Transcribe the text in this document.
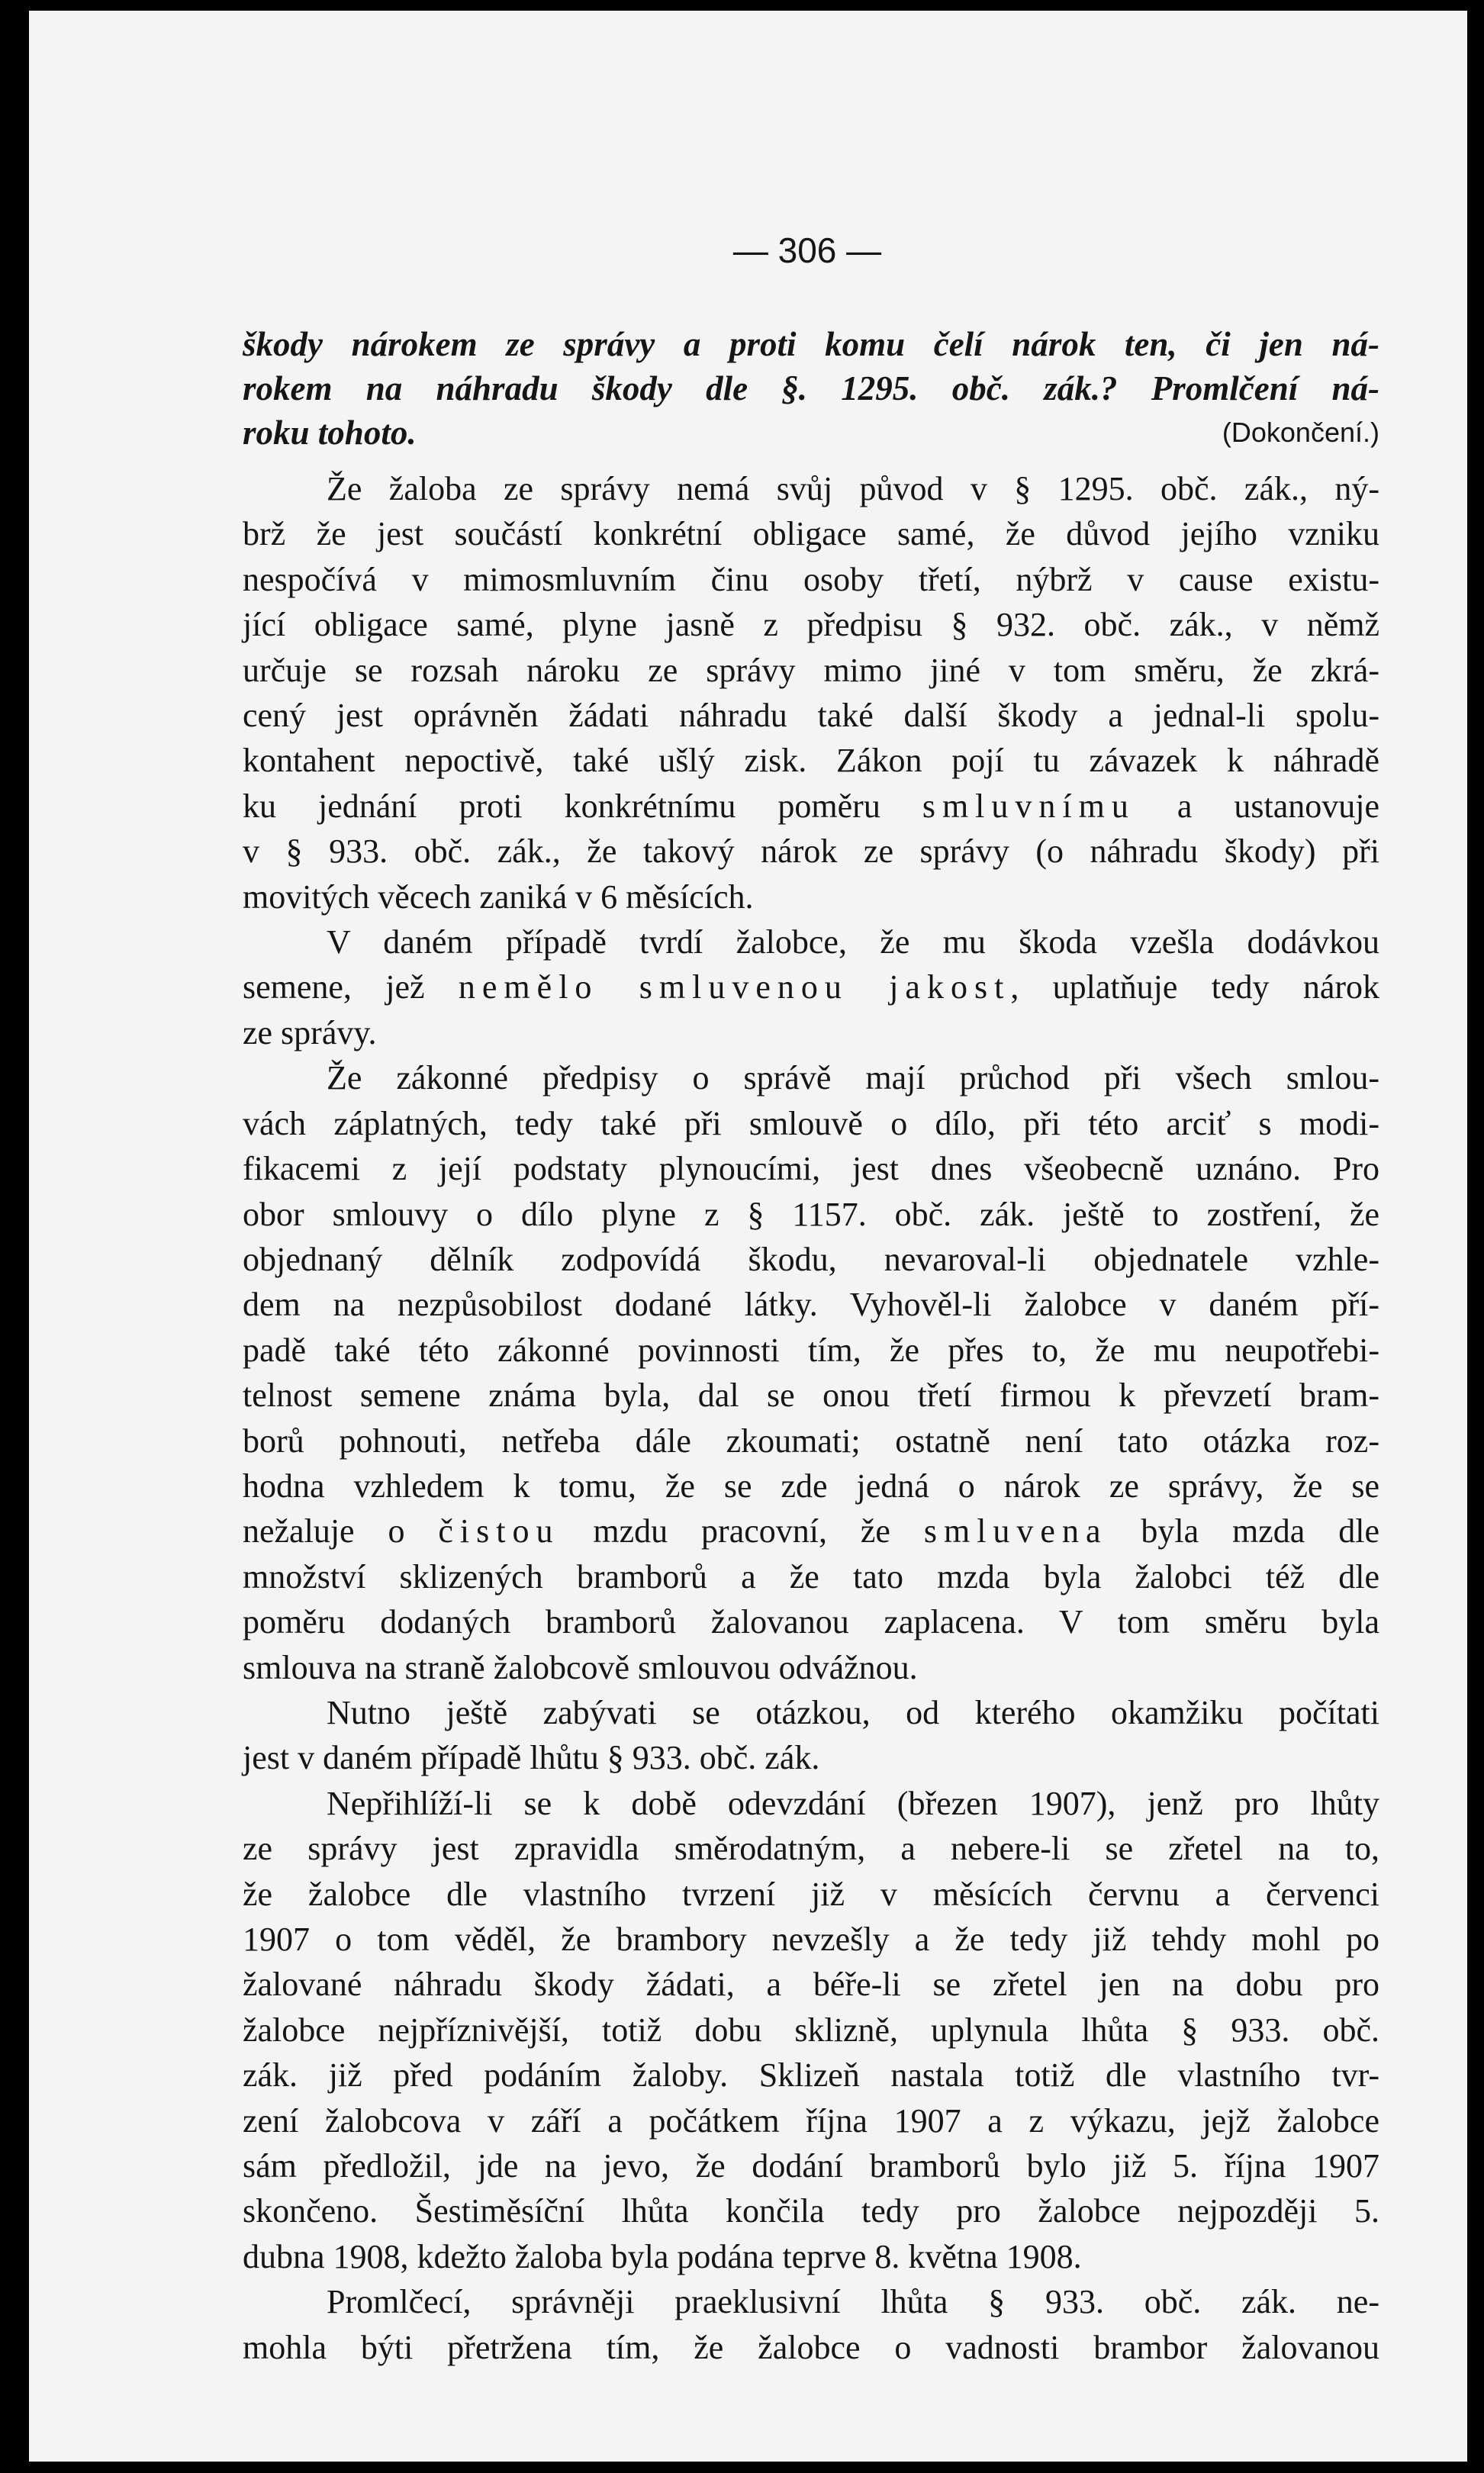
— 306 —
škody nárokem ze správy a proti komu čelí nárok ten, či jen ná-
rokem na náhradu škody dle §. 1295. obč. zák.? Promlčení ná-
roku tohoto.	(Dokončení.)
Že žaloba ze správy nemá svůj původ v § 1295. obč. zák., ný-
brž že jest součástí konkrétní obligace samé, že důvod jejího vzniku
nespočívá v mimosmluvním činu osoby třetí, nýbrž v cause existu-
jící obligace samé, plyne jasně z předpisu § 932. obč. zák., v němž
určuje se rozsah nároku ze správy mimo jiné v tom směru, že zkrá-
cený jest oprávněn žádati náhradu také další škody a jednal-li spolu-
kontahent nepoctivě, také ušlý zisk. Zákon pojí tu závazek k náhradě
ku jednání proti konkrétnímu poměru smluvnímu a ustanovuje
v § 933. obč. zák., že takový nárok ze správy (o náhradu škody) při
movitých věcech zaniká v 6 měsících.
V daném případě tvrdí žalobce, že mu škoda vzešla dodávkou
semene, jež nemělo smluvenou jakost, uplatňuje tedy nárok
ze správy.
Že zákonné předpisy o správě mají průchod při všech smlou-
vách záplatných, tedy také při smlouvě o dílo, při této arciť s modi-
fikacemi z její podstaty plynoucími, jest dnes všeobecně uznáno. Pro
obor smlouvy o dílo plyne z § 1157. obč. zák. ještě to zostření, že
objednaný dělník zodpovídá škodu, nevaroval-li objednatele vzhle-
dem na nezpůsobilost dodané látky. Vyhověl-li žalobce v daném pří-
padě také této zákonné povinnosti tím, že přes to, že mu neupotřebi-
telnost semene známa byla, dal se onou třetí firmou k převzetí bram-
borů pohnouti, netřeba dále zkoumati; ostatně není tato otázka roz-
hodna vzhledem k tomu, že se zde jedná o nárok ze správy, že se
nežaluje o čistou mzdu pracovní, že smluvena byla mzda dle
množství sklizených bramborů a že tato mzda byla žalobci též dle
poměru dodaných bramborů žalovanou zaplacena. V tom směru byla
smlouva na straně žalobcově smlouvou odvážnou.
Nutno ještě zabývati se otázkou, od kterého okamžiku počítati
jest v daném případě lhůtu § 933. obč. zák.
Nepřihlíží-li se k době odevzdání (březen 1907), jenž pro lhůty
ze správy jest zpravidla směrodatným, a nebere-li se zřetel na to,
že žalobce dle vlastního tvrzení již v měsících červnu a červenci
1907 o tom věděl, že brambory nevzešly a že tedy již tehdy mohl po
žalované náhradu škody žádati, a béře-li se zřetel jen na dobu pro
žalobce nejpříznivější, totiž dobu sklizně, uplynula lhůta § 933. obč.
zák. již před podáním žaloby. Sklizeň nastala totiž dle vlastního tvr-
zení žalobcova v září a počátkem října 1907 a z výkazu, jejž žalobce
sám předložil, jde na jevo, že dodání bramborů bylo již 5. října 1907
skončeno. Šestiměsíční lhůta končila tedy pro žalobce nejpozději 5.
dubna 1908, kdežto žaloba byla podána teprve 8. května 1908.
Promlčecí, správněji praeklusivní lhůta § 933. obč. zák. ne-
mohla býti přetržena tím, že žalobce o vadnosti brambor žalovanou
